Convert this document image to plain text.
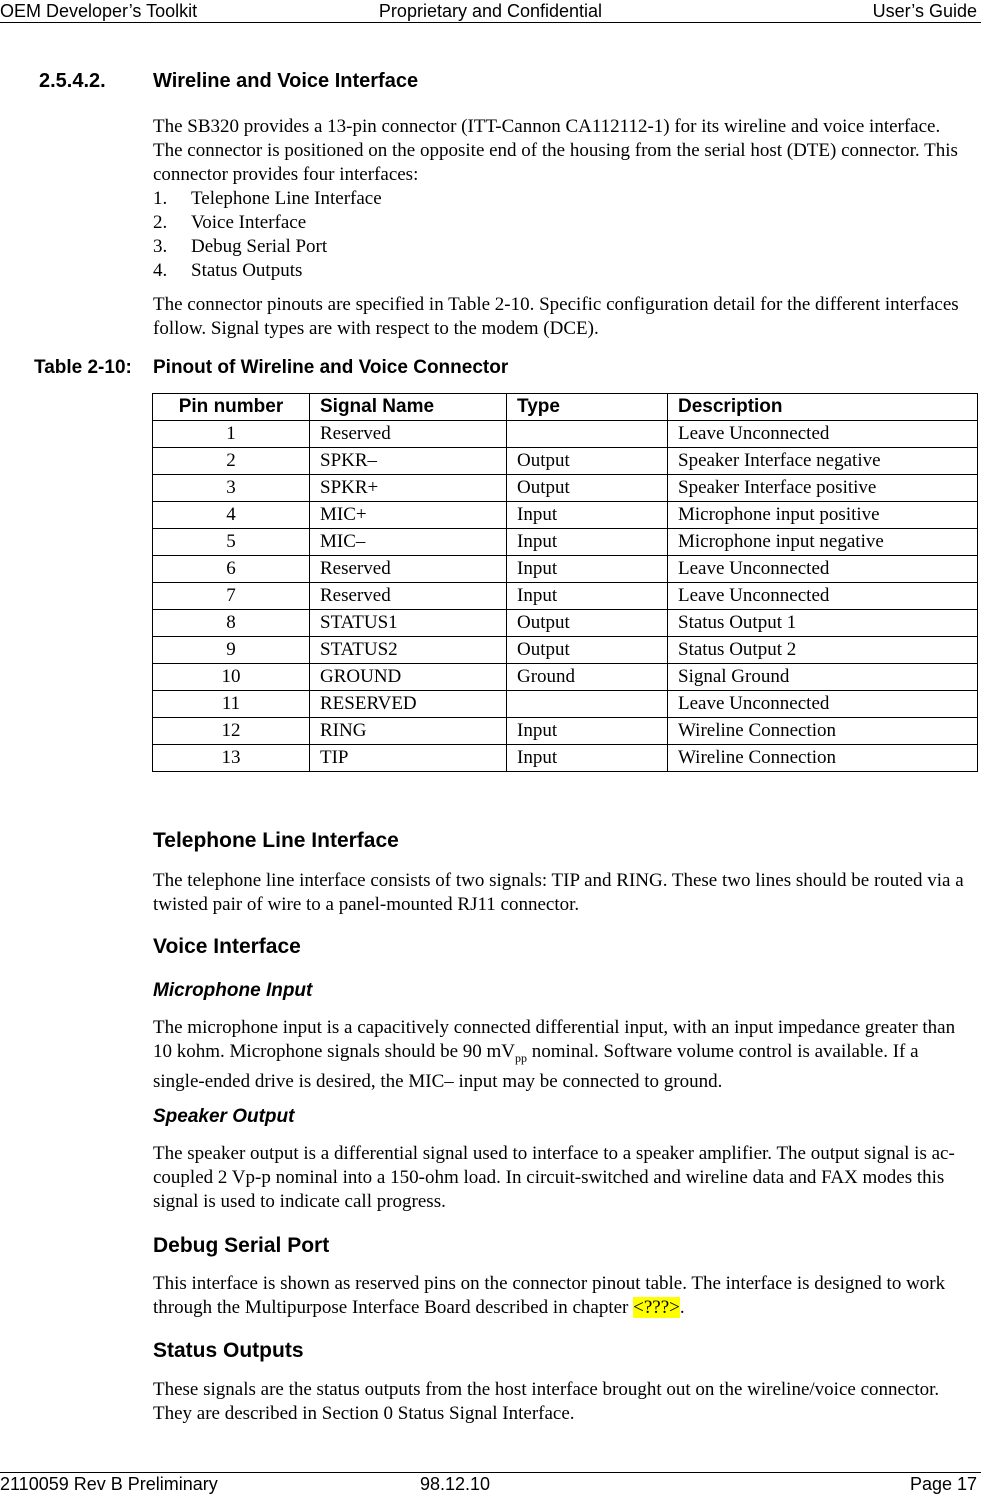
OEM Developer’s Toolkit	Proprietary and Confidential	User’s Guide
2.5.4.2. Wireline and Voice Interface

The SB320 provides a 13-pin connector (ITT-Cannon CA112112-1) for its wireline and voice interface. The connector is positioned on the opposite end of the housing from the serial host (DTE) connector. This connector provides four interfaces:

1.	Telephone Line Interface
2.	Voice Interface
3.	Debug Serial Port
4.	Status Outputs

The connector pinouts are specified in Table 2-10. Specific configuration detail for the different interfaces follow. Signal types are with respect to the modem (DCE).

Table 2-10: Pinout of Wireline and Voice Connector
Pin number	Signal Name	Type	Description
1	Reserved		Leave Unconnected
2	SPKR–	Output	Speaker Interface negative
3	SPKR+	Output	Speaker Interface positive
4	MIC+	Input	Microphone input positive
5	MIC–	Input	Microphone input negative
6	Reserved	Input	Leave Unconnected
7	Reserved	Input	Leave Unconnected
8	STATUS1	Output	Status Output 1
9	STATUS2	Output	Status Output 2
10	GROUND	Ground	Signal Ground
11	RESERVED		Leave Unconnected
12	RING	Input	Wireline Connection
13	TIP	Input	Wireline Connection
Telephone Line Interface
The telephone line interface consists of two signals: TIP and RING. These two lines should be routed via a twisted pair of wire to a panel-mounted RJ11 connector.
Voice Interface
Microphone Input
The microphone input is a capacitively connected differential input, with an input impedance greater than 10 kohm. Microphone signals should be 90 $mV_{pp}$ nominal. Software volume control is available. If a single-ended drive is desired, the MIC– input may be connected to ground.
Speaker Output
The speaker output is a differential signal used to interface to a speaker amplifier. The output signal is ac-coupled 2 Vp-p nominal into a 150-ohm load. In circuit-switched and wireline data and FAX modes this signal is used to indicate call progress.
Debug Serial Port
This interface is shown as reserved pins on the connector pinout table. The interface is designed to work through the Multipurpose Interface Board described in chapter <???>.
Status Outputs
These signals are the status outputs from the host interface brought out on the wireline/voice connector. They are described in Section 0 Status Signal Interface.
2110059 Rev B Preliminary	98.12.10	Page 17
